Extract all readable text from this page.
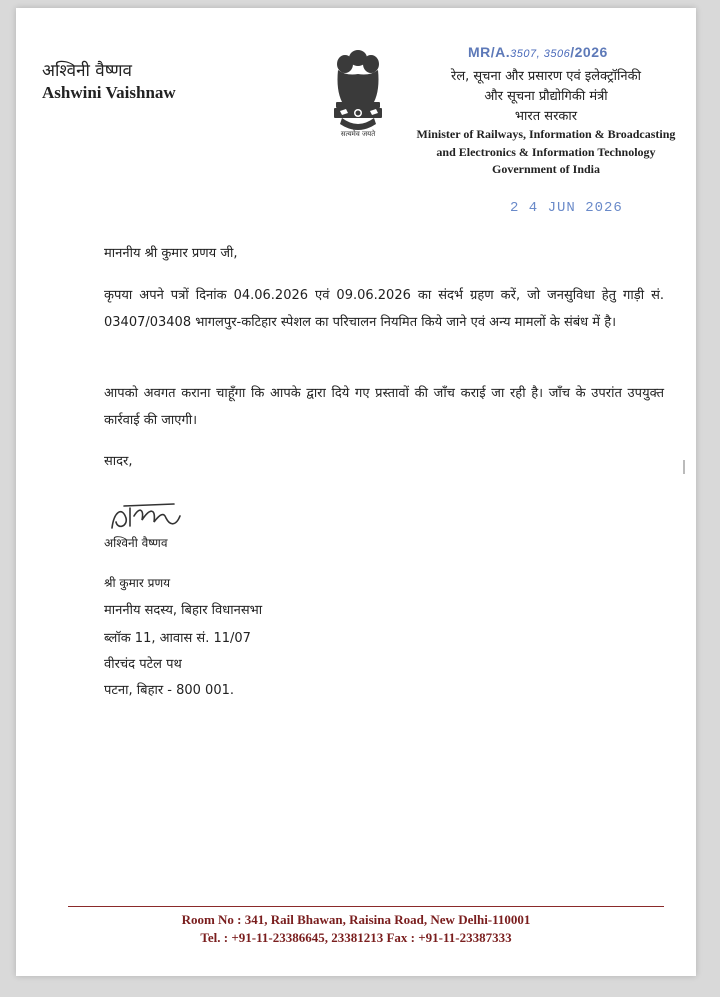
अश्विनी वैष्णव
Ashwini Vaishnaw
सत्यमेव जयते
MR/A.3507, 3506/2026
रेल, सूचना और प्रसारण एवं इलेक्ट्रॉनिकी
और सूचना प्रौद्योगिकी मंत्री
भारत सरकार
Minister of Railways, Information & Broadcasting
and Electronics & Information Technology
Government of India
2 4 JUN 2026
माननीय श्री कुमार प्रणय जी,
कृपया अपने पत्रों दिनांक 04.06.2026 एवं 09.06.2026 का संदर्भ ग्रहण करें, जो जनसुविधा हेतु गाड़ी सं. 03407/03408 भागलपुर-कटिहार स्पेशल का परिचालन नियमित किये जाने एवं अन्य मामलों के संबंध में है।
आपको अवगत कराना चाहूँगा कि आपके द्वारा दिये गए प्रस्तावों की जाँच कराई जा रही है। जाँच के उपरांत उपयुक्त कार्रवाई की जाएगी।
सादर,
अश्विनी वैष्णव
श्री कुमार प्रणय
माननीय सदस्य, बिहार विधानसभा
ब्लॉक 11, आवास सं. 11/07
वीरचंद पटेल पथ
पटना, बिहार - 800 001.
Room No : 341, Rail Bhawan, Raisina Road, New Delhi-110001
Tel. : +91-11-23386645, 23381213 Fax : +91-11-23387333
